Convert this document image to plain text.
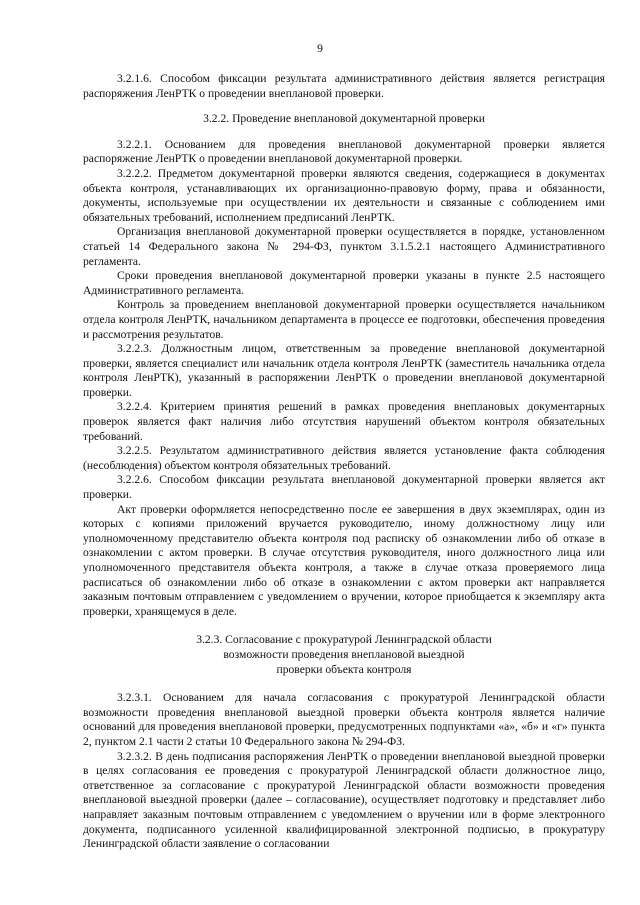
9

3.2.1.6. Способом фиксации результата административного действия является регистрация распоряжения ЛенРТК о проведении внеплановой проверки.

3.2.2. Проведение внеплановой документарной проверки

3.2.2.1. Основанием для проведения внеплановой документарной проверки является распоряжение ЛенРТК о проведении внеплановой документарной проверки.

3.2.2.2. Предметом документарной проверки являются сведения, содержащиеся в документах объекта контроля, устанавливающих их организационно-правовую форму, права и обязанности, документы, используемые при осуществлении их деятельности и связанные с соблюдением ими обязательных требований, исполнением предписаний ЛенРТК.

Организация внеплановой документарной проверки осуществляется в порядке, установленном статьей 14 Федерального закона № 294-ФЗ, пунктом 3.1.5.2.1 настоящего Административного регламента.

Сроки проведения внеплановой документарной проверки указаны в пункте 2.5 настоящего Административного регламента.

Контроль за проведением внеплановой документарной проверки осуществляется начальником отдела контроля ЛенРТК, начальником департамента в процессе ее подготовки, обеспечения проведения и рассмотрения результатов.

3.2.2.3. Должностным лицом, ответственным за проведение внеплановой документарной проверки, является специалист или начальник отдела контроля ЛенРТК (заместитель начальника отдела контроля ЛенРТК), указанный в распоряжении ЛенРТК о проведении внеплановой документарной проверки.

3.2.2.4. Критерием принятия решений в рамках проведения внеплановых документарных проверок является факт наличия либо отсутствия нарушений объектом контроля обязательных требований.

3.2.2.5. Результатом административного действия является установление факта соблюдения (несоблюдения) объектом контроля обязательных требований.

3.2.2.6. Способом фиксации результата внеплановой документарной проверки является акт проверки.

Акт проверки оформляется непосредственно после ее завершения в двух экземплярах, один из которых с копиями приложений вручается руководителю, иному должностному лицу или уполномоченному представителю объекта контроля под расписку об ознакомлении либо об отказе в ознакомлении с актом проверки. В случае отсутствия руководителя, иного должностного лица или уполномоченного представителя объекта контроля, а также в случае отказа проверяемого лица расписаться об ознакомлении либо об отказе в ознакомлении с актом проверки акт направляется заказным почтовым отправлением с уведомлением о вручении, которое приобщается к экземпляру акта проверки, хранящемуся в деле.

3.2.3. Согласование с прокуратурой Ленинградской области
возможности проведения внеплановой выездной
проверки объекта контроля

3.2.3.1. Основанием для начала согласования с прокуратурой Ленинградской области возможности проведения внеплановой выездной проверки объекта контроля является наличие оснований для проведения внеплановой проверки, предусмотренных подпунктами «а», «б» и «г» пункта 2, пунктом 2.1 части 2 статьи 10 Федерального закона № 294-ФЗ.

3.2.3.2. В день подписания распоряжения ЛенРТК о проведении внеплановой выездной проверки в целях согласования ее проведения с прокуратурой Ленинградской области должностное лицо, ответственное за согласование с прокуратурой Ленинградской области возможности проведения внеплановой выездной проверки (далее – согласование), осуществляет подготовку и представляет либо направляет заказным почтовым отправлением с уведомлением о вручении или в форме электронного документа, подписанного усиленной квалифицированной электронной подписью, в прокуратуру Ленинградской области заявление о согласовании
